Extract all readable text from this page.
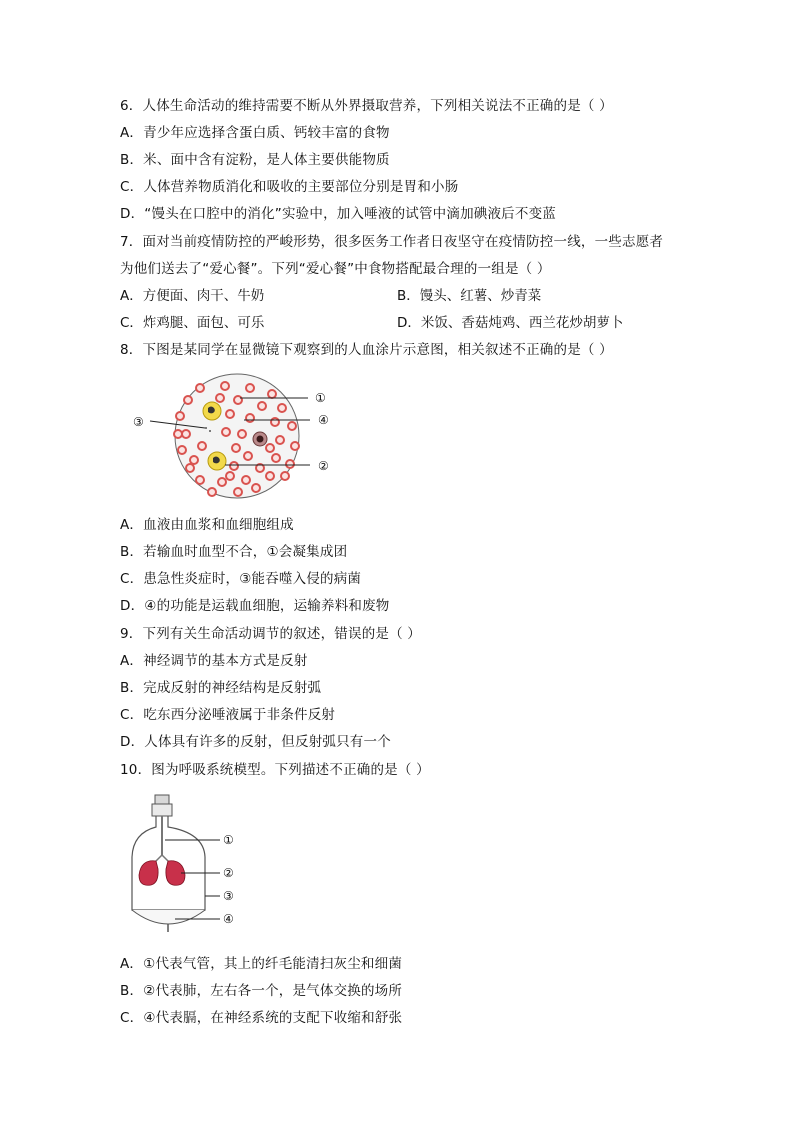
6．人体生命活动的维持需要不断从外界摄取营养，下列相关说法不正确的是（ ）
A．青少年应选择含蛋白质、钙较丰富的食物
B．米、面中含有淀粉，是人体主要供能物质
C．人体营养物质消化和吸收的主要部位分别是胃和小肠
D．“馒头在口腔中的消化”实验中，加入唾液的试管中滴加碘液后不变蓝
7．面对当前疫情防控的严峻形势，很多医务工作者日夜坚守在疫情防控一线，一些志愿者
为他们送去了“爱心餐”。下列“爱心餐”中食物搭配最合理的一组是（ ）
A．方便面、肉干、牛奶	B．馒头、红薯、炒青菜
C．炸鸡腿、面包、可乐	D．米饭、香菇炖鸡、西兰花炒胡萝卜
8．下图是某同学在显微镜下观察到的人血涂片示意图，相关叙述不正确的是（ ）
①
④
③
②
A．血液由血浆和血细胞组成
B．若输血时血型不合，①会凝集成团
C．患急性炎症时，③能吞噬入侵的病菌
D．④的功能是运载血细胞，运输养料和废物
9．下列有关生命活动调节的叙述，错误的是（ ）
A．神经调节的基本方式是反射
B．完成反射的神经结构是反射弧
C．吃东西分泌唾液属于非条件反射
D．人体具有许多的反射，但反射弧只有一个
10．图为呼吸系统模型。下列描述不正确的是（ ）
①
②
③
④
A．①代表气管，其上的纤毛能清扫灰尘和细菌
B．②代表肺，左右各一个，是气体交换的场所
C．④代表膈，在神经系统的支配下收缩和舒张
